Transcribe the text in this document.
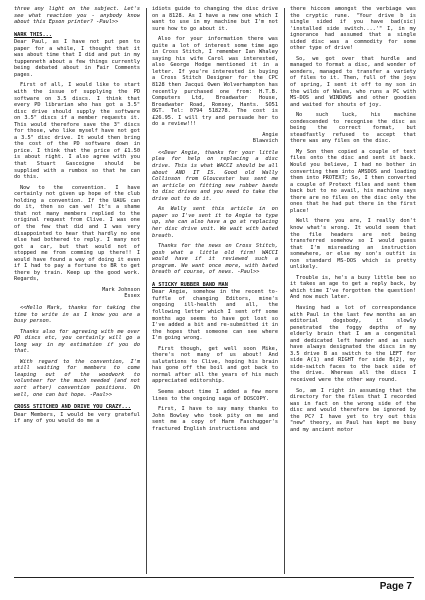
three any light on the subject. Let's see what reaction you - anybody know about this Epson printer? -Paul>>

WARK THIS...

Dear Paul, as I have not put pen to paper for a while, I thought that it was about time that I did and put in my tuppenneth about a few things currently being debated about in Fair Comments pages.

First of all, I would like to start with the issue of supplying the PD software on 3.5 discs. I think that every PD librarian who has got a 3.5" disc drive should supply the software on 3.5" discs if a member requests it. This would therefore save the 3" discs for those, who like myself have not got a 3.5" disc drive. It would then bring the cost of the PD software down in price. I think that the price of £1.50 is about right. I also agree with you that Stuart Gascoigne should be supplied with a rumbox so that he can do this.

Now to the convention. I have certainly not given up hope of the club holding a convention. If the UAUG can do it, then so can we! It's a shame that not many members replied to the original request from Clive. I was one of the few that did and I was very disappointed to hear that hardly no one else had bothered to reply. I many not got a car, but that would not of stopped me from comming up there!! I would have found a way of doing it even if I had to pay a fortune to BR to get there by train. Keep up the good work. Regards,

Mark Johnson
Essex

<<Hello Mark, thanks for taking the time to write in as I know you are a busy person.

Thanks also for agreeing with me over PD discs etc, you certainly will go a long way in my estimation if you do that.

With regard to the convention, I'm still waiting for members to come leaping out of the woodwork to volunteer for the much needed (and not sort after) convention positions. Oh well, one can but hope. -Paul>>

CROSS STITCHED AND DRIVE YOU CRAZY...

Dear Members, I would be very grateful if any of you would do me a

idiots guide to changing the disc drive on a 8128. As I have a new one which I want to use in my machine but I'm not sure how to go about it.

Also for your information there was quite a lot of interest some time ago in Cross Stitch, I remember Ian Whaley saying his wife Carol was interested, also George Hodge mentioned it in a letter. If you're interested in buying a Cross Stitch Designer for the CPC 8128 then Jacqui Owen Wolverhampton has recently purchased one from: H.T.B. Computers Ltd, Broadwater House, Broadwater Road, Romsey, Hants. SO51 8GT. Tel: 0794 518278. The cost is £26.95. I will try and persuade her to do a review!!!

Angie
Blawvich

<<Dear Angie, thanks for your little plea for help on replacing a disc drive. This is what WACCI should be all about AND IT IS. Good old Wally Collinson from Gloucester has sent me an article on fitting new rubber bands to disc drives and you need to take the drive out to do it.

As Wally sent this article in on paper so I've sent it to Angie to type up, she can also have a go at replacing her disc drive unit. We wait with bated breath.

Thanks for the news on Cross Stitch, gosh what a little old firm! WACCI would have if it reviewed such a program. We want once more, with bated breath of course, of news. -Paul>>

A STICKY RUBBER BAND MAN

Dear Angie, somehow in the recent to-fuffle of changing Editors, mine's ongoing ill-health and all, the following letter which I sent off some months ago seems to have got lost so I've added a bit and re-submitted it in the hopes that someone can see where I'm going wrong.

First though, get well soon Mike, there's not many of us about! And salutations to Clive, hoping his brain has gone off the boil and got back to normal after all the years of his much appreciated editorship.

Seems about time I added a few more lines to the ongoing saga of DOSCOPY.

First, I have to say many thanks to John Bowley who took pity on me and sent me a copy of Harm Faschugger's fractured English instructions and

there hiccom amongst the verbiage was the cryptic rune. "Your drive b is single sided if you have bad(sic) 'installed side switch....'" I, in my ignorance had assumed that a single sided disc was a commodity for some other type of drive!

So, we got over that hurdle and managed to format a disc, and wonder of wonders, managed to transfer a variety of files to it. Then, full of the joys of spring, I sent it off to my son in the wilds of Wales, who runs a PC with MS-DOS and WINDOWS and other goodies and waited for shouts of joy.

No such luck, his machine condescended to recognise the disc as being the correct format, but steadfastly refused to accept that there was any files on the disc.

My Son then copied a couple of text files onto the disc and sent it back. Would you believe, I had no bother in converting them into AMSDOS and loading them into PROTEXT; So, I then converted a couple of Protext files and sent them back but to no avail, his machine says there are no files on the disc only the ones that he had put there in the first place!

Well there you are, I really don't know what's wrong. It would seem that the file headers are not being transferred somehow so I would guess that I'm misreading an instruction somewhere, or else my son's outfit is non standard MS-DOS which is pretty unlikely.

Trouble is, he's a busy little bee so it takes an age to get a reply back, by which time I've forgotten the question! And now much later.

Having had a lot of correspondance with Paul in the last few months as an editorial dogsbody, it slowly penetrated the foggy depths of my elderly brain that I am a congenital and dedicated left hander and as such have always designated the discs in my 3.5 drive B as switch to the LEFT for side A(1) and RIGHT for side B(2), my side-switch faces to the back side of the drive. Whereas all the discs I received were the other way round.

So, am I right in assuming that the directory for the files that I recorded was in fact on the wrong side of the disc and would therefore be ignored by the PC? I have yet to try out this "new" theory, as Paul has kept me busy and my ancient motor

Page 7
